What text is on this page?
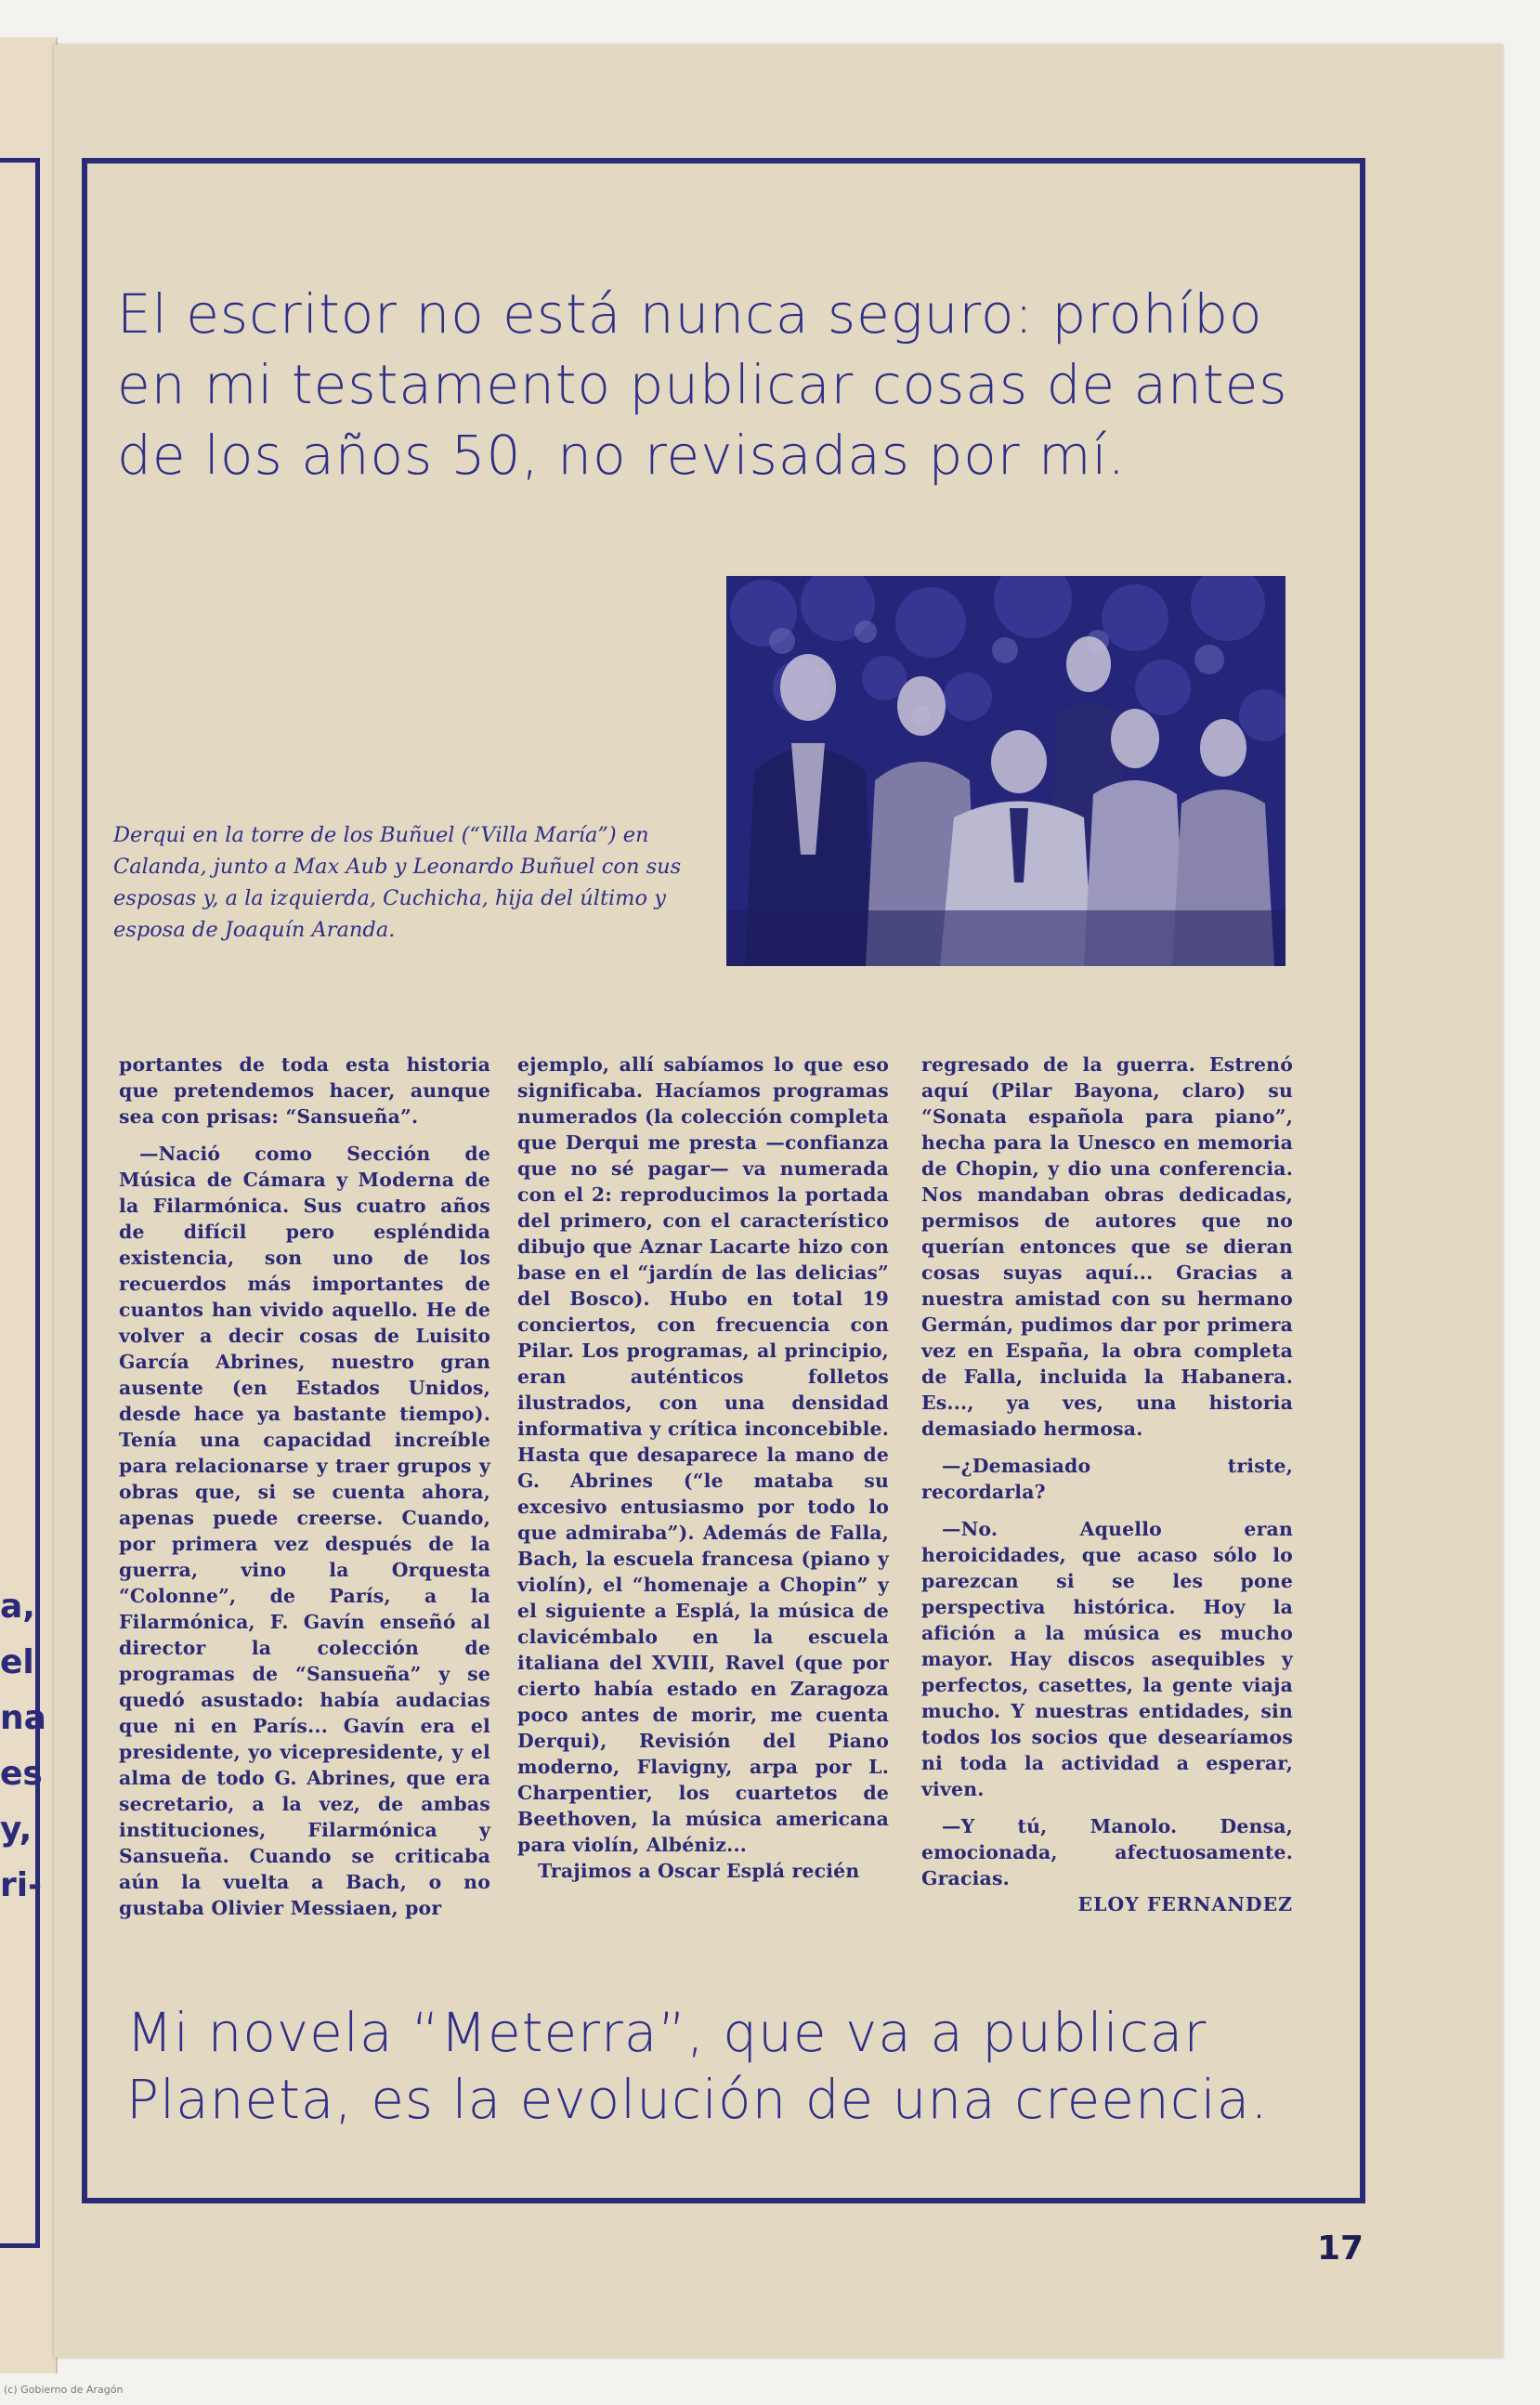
a,
el
na
es
y,
ri-
El escritor no está nunca seguro: prohíbo en mi testamento publicar cosas de antes de los años 50, no revisadas por mí.
Derqui en la torre de los Buñuel (“Villa María”) en Calanda, junto a Max Aub y Leonardo Buñuel con sus esposas y, a la izquierda, Cuchicha, hija del último y esposa de Joaquín Aranda.

portantes de toda esta historia que pretendemos hacer, aunque sea con prisas: “Sansueña”.

—Nació como Sección de Música de Cámara y Moderna de la Filarmónica. Sus cuatro años de difícil pero espléndida existencia, son uno de los recuerdos más importantes de cuantos han vivido aquello. He de volver a decir cosas de Luisito García Abrines, nuestro gran ausente (en Estados Unidos, desde hace ya bastante tiempo). Tenía una capacidad increíble para relacionarse y traer grupos y obras que, si se cuenta ahora, apenas puede creerse. Cuando, por primera vez después de la guerra, vino la Orquesta “Colonne”, de París, a la Filarmónica, F. Gavín enseñó al director la colección de programas de “Sansueña” y se quedó asustado: había audacias que ni en París... Gavín era el presidente, yo vicepresidente, y el alma de todo G. Abrines, que era secretario, a la vez, de ambas instituciones, Filarmónica y Sansueña. Cuando se criticaba aún la vuelta a Bach, o no gustaba Olivier Messiaen, por

ejemplo, allí sabíamos lo que eso significaba. Hacíamos programas numerados (la colección completa que Derqui me presta —confianza que no sé pagar— va numerada con el 2: reproducimos la portada del primero, con el característico dibujo que Aznar Lacarte hizo con base en el “jardín de las delicias” del Bosco). Hubo en total 19 conciertos, con frecuencia con Pilar. Los programas, al principio, eran auténticos folletos ilustrados, con una densidad informativa y crítica inconcebible. Hasta que desaparece la mano de G. Abrines (“le mataba su excesivo entusiasmo por todo lo que admiraba”). Además de Falla, Bach, la escuela francesa (piano y violín), el “homenaje a Chopin” y el siguiente a Esplá, la música de clavicémbalo en la escuela italiana del XVIII, Ravel (que por cierto había estado en Zaragoza poco antes de morir, me cuenta Derqui), Revisión del Piano moderno, Flavigny, arpa por L. Charpentier, los cuartetos de Beethoven, la música americana para violín, Albéniz...

Trajimos a Oscar Esplá recién

regresado de la guerra. Estrenó aquí (Pilar Bayona, claro) su “Sonata española para piano”, hecha para la Unesco en memoria de Chopin, y dio una conferencia. Nos mandaban obras dedicadas, permisos de autores que no querían entonces que se dieran cosas suyas aquí... Gracias a nuestra amistad con su hermano Germán, pudimos dar por primera vez en España, la obra completa de Falla, incluida la Habanera. Es..., ya ves, una historia demasiado hermosa.

—¿Demasiado triste, recordarla?

—No. Aquello eran heroicidades, que acaso sólo lo parezcan si se les pone perspectiva histórica. Hoy la afición a la música es mucho mayor. Hay discos asequibles y perfectos, casettes, la gente viaja mucho. Y nuestras entidades, sin todos los socios que desearíamos ni toda la actividad a esperar, viven.

—Y tú, Manolo. Densa, emocionada, afectuosamente. Gracias.

ELOY FERNANDEZ

Mi novela “Meterra”, que va a publicar Planeta, es la evolución de una creencia.
17
(c) Gobierno de Aragón
